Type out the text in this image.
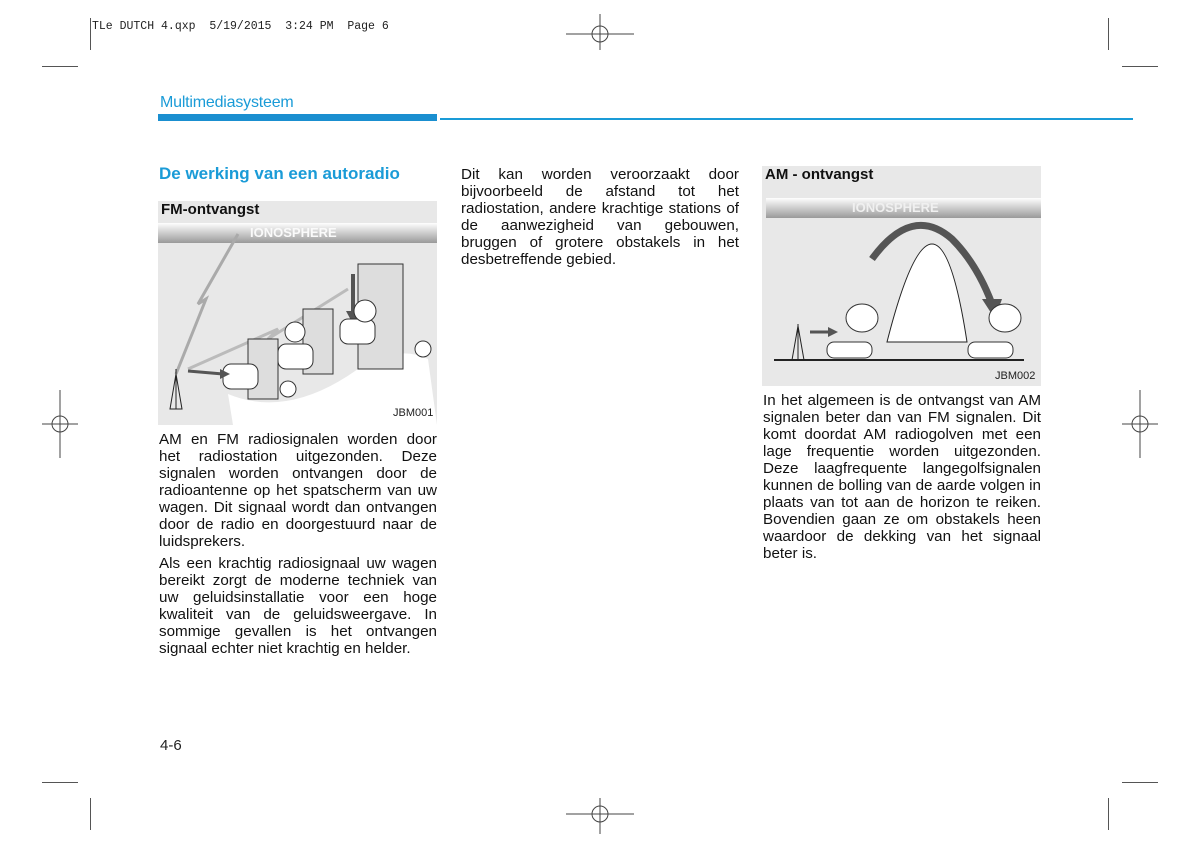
TLe DUTCH 4.qxp  5/19/2015  3:24 PM  Page 6
Multimediasysteem
De werking van een autoradio
FM-ontvangst
IONOSPHERE
JBM001

AM en FM radiosignalen worden door het radiostation uitgezonden. Deze signalen worden ontvangen door de radioantenne op het spatscherm van uw wagen. Dit signaal wordt dan ontvangen door de radio en doorgestuurd naar de luidsprekers.

Als een krachtig radiosignaal uw wagen bereikt zorgt de moderne techniek van uw geluidsinstallatie voor een hoge kwaliteit van de geluidsweergave. In sommige gevallen is het ontvangen signaal echter niet krachtig en helder.

Dit kan worden veroorzaakt door bijvoorbeeld de afstand tot het radiostation, andere krachtige stations of de aanwezigheid van gebouwen, bruggen of grotere obstakels in het desbetreffende gebied.

AM - ontvangst
IONOSPHERE
JBM002

In het algemeen is de ontvangst van AM signalen beter dan van FM signalen. Dit komt doordat AM radiogolven met een lage frequentie worden uitgezonden. Deze laagfrequente langegolfsignalen kunnen de bolling van de aarde volgen in plaats van tot aan de horizon te reiken. Bovendien gaan ze om obstakels heen waardoor de dekking van het signaal beter is.

4-6
